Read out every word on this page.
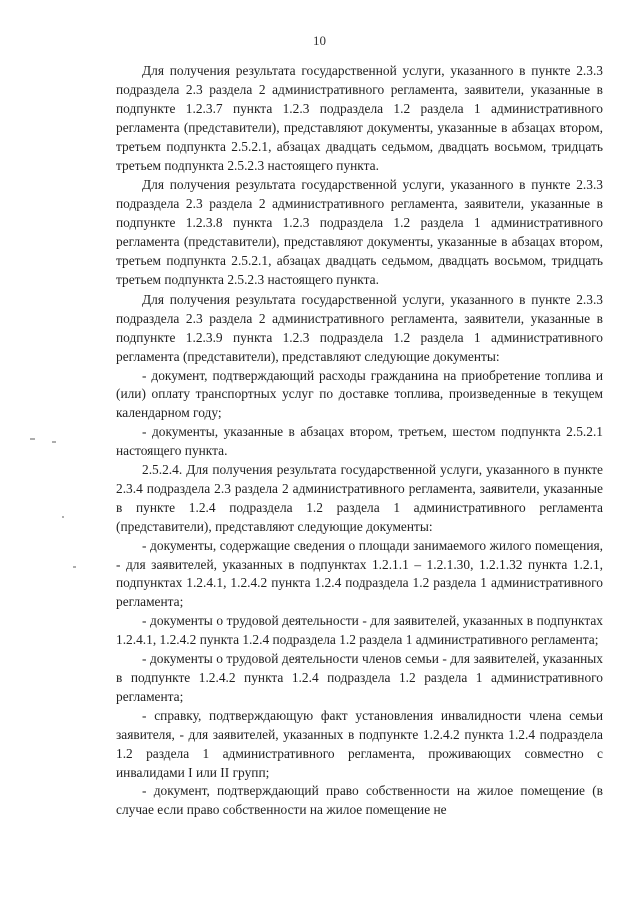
10

Для получения результата государственной услуги, указанного в пункте 2.3.3 подраздела 2.3 раздела 2 административного регламента, заявители, указанные в подпункте 1.2.3.7 пункта 1.2.3 подраздела 1.2 раздела 1 административного регламента (представители), представляют документы, указанные в абзацах втором, третьем подпункта 2.5.2.1, абзацах двадцать седьмом, двадцать восьмом, тридцать третьем подпункта 2.5.2.3 настоящего пункта.

Для получения результата государственной услуги, указанного в пункте 2.3.3 подраздела 2.3 раздела 2 административного регламента, заявители, указанные в подпункте 1.2.3.8 пункта 1.2.3 подраздела 1.2 раздела 1 административного регламента (представители), представляют документы, указанные в абзацах втором, третьем подпункта 2.5.2.1, абзацах двадцать седьмом, двадцать восьмом, тридцать третьем подпункта 2.5.2.3 настоящего пункта.

Для получения результата государственной услуги, указанного в пункте 2.3.3 подраздела 2.3 раздела 2 административного регламента, заявители, указанные в подпункте 1.2.3.9 пункта 1.2.3 подраздела 1.2 раздела 1 административного регламента (представители), представляют следующие документы:

- документ, подтверждающий расходы гражданина на приобретение топлива и (или) оплату транспортных услуг по доставке топлива, произведенные в текущем календарном году;

- документы, указанные в абзацах втором, третьем, шестом подпункта 2.5.2.1 настоящего пункта.

2.5.2.4. Для получения результата государственной услуги, указанного в пункте 2.3.4 подраздела 2.3 раздела 2 административного регламента, заявители, указанные в пункте 1.2.4 подраздела 1.2 раздела 1 административного регламента (представители), представляют следующие документы:

- документы, содержащие сведения о площади занимаемого жилого помещения, - для заявителей, указанных в подпунктах 1.2.1.1 – 1.2.1.30, 1.2.1.32 пункта 1.2.1, подпунктах 1.2.4.1, 1.2.4.2 пункта 1.2.4 подраздела 1.2 раздела 1 административного регламента;

- документы о трудовой деятельности - для заявителей, указанных в подпунктах 1.2.4.1, 1.2.4.2 пункта 1.2.4 подраздела 1.2 раздела 1 административного регламента;

- документы о трудовой деятельности членов семьи - для заявителей, указанных в подпункте 1.2.4.2 пункта 1.2.4 подраздела 1.2 раздела 1 административного регламента;

- справку, подтверждающую факт установления инвалидности члена семьи заявителя, - для заявителей, указанных в подпункте 1.2.4.2 пункта 1.2.4 подраздела 1.2 раздела 1 административного регламента, проживающих совместно с инвалидами I или II групп;

- документ, подтверждающий право собственности на жилое помещение (в случае если право собственности на жилое помещение не
